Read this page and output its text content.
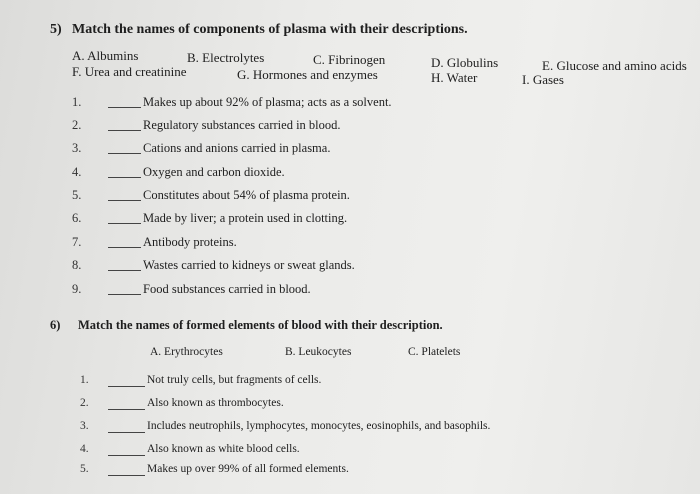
5) Match the names of components of plasma with their descriptions.
A. Albumins	B. Electrolytes	C. Fibrinogen	D. Globulins	E. Glucose and amino acids
F. Urea and creatinine	G. Hormones and enzymes	H. Water	I. Gases
1.	Makes up about 92% of plasma; acts as a solvent.
2.	Regulatory substances carried in blood.
3.	Cations and anions carried in plasma.
4.	Oxygen and carbon dioxide.
5.	Constitutes about 54% of plasma protein.
6.	Made by liver; a protein used in clotting.
7.	Antibody proteins.
8.	Wastes carried to kidneys or sweat glands.
9.	Food substances carried in blood.
6) Match the names of formed elements of blood with their description.
A. Erythrocytes	B. Leukocytes	C. Platelets
1.	Not truly cells, but fragments of cells.
2.	Also known as thrombocytes.
3.	Includes neutrophils, lymphocytes, monocytes, eosinophils, and basophils.
4.	Also known as white blood cells.
5.	Makes up over 99% of all formed elements.
